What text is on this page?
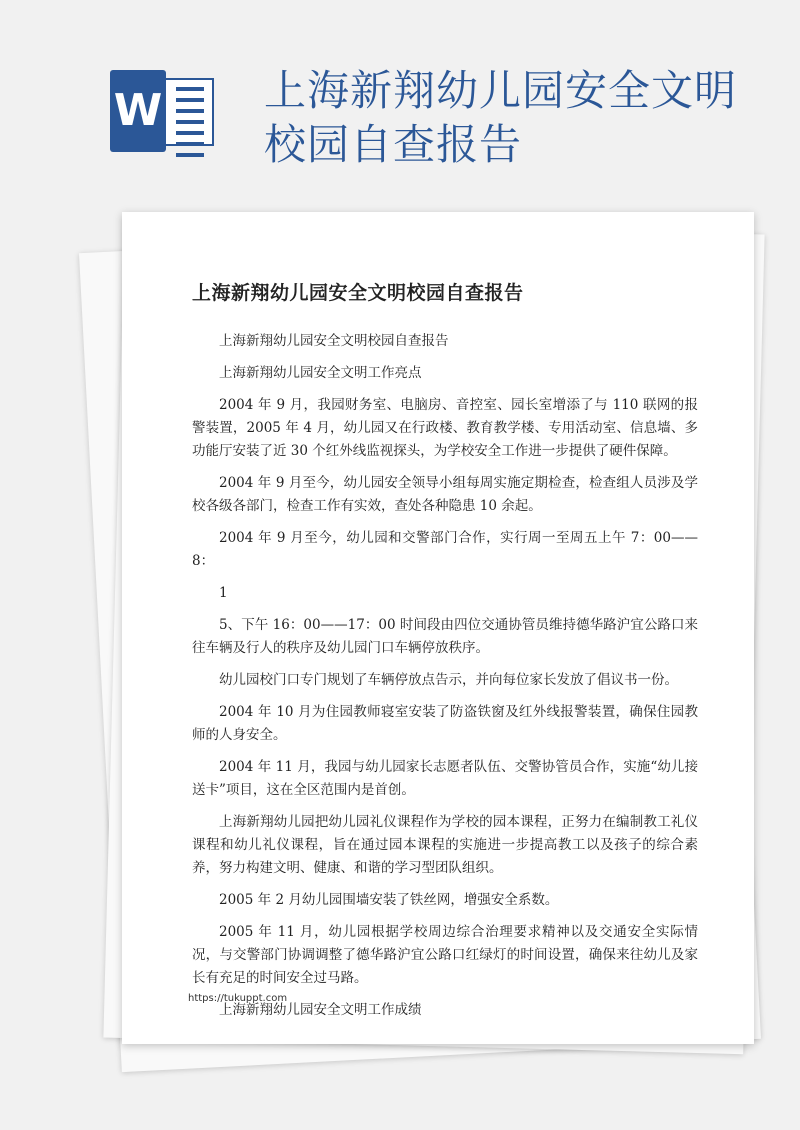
W 上海新翔幼儿园安全文明校园自查报告
上海新翔幼儿园安全文明校园自查报告

上海新翔幼儿园安全文明校园自查报告

上海新翔幼儿园安全文明工作亮点

2004 年 9 月，我园财务室、电脑房、音控室、园长室增添了与 110 联网的报警装置，2005 年 4 月，幼儿园又在行政楼、教育教学楼、专用活动室、信息墙、多功能厅安装了近 30 个红外线监视探头，为学校安全工作进一步提供了硬件保障。

2004 年 9 月至今，幼儿园安全领导小组每周实施定期检查，检查组人员涉及学校各级各部门，检查工作有实效，查处各种隐患 10 余起。

2004 年 9 月至今，幼儿园和交警部门合作，实行周一至周五上午 7：00——8：

1

5、下午 16：00——17：00 时间段由四位交通协管员维持德华路沪宜公路口来往车辆及行人的秩序及幼儿园门口车辆停放秩序。

幼儿园校门口专门规划了车辆停放点告示，并向每位家长发放了倡议书一份。

2004 年 10 月为住园教师寝室安装了防盗铁窗及红外线报警装置，确保住园教师的人身安全。

2004 年 11 月，我园与幼儿园家长志愿者队伍、交警协管员合作，实施“幼儿接送卡”项目，这在全区范围内是首创。

上海新翔幼儿园把幼儿园礼仪课程作为学校的园本课程，正努力在编制教工礼仪课程和幼儿礼仪课程，旨在通过园本课程的实施进一步提高教工以及孩子的综合素养，努力构建文明、健康、和谐的学习型团队组织。

2005 年 2 月幼儿园围墙安装了铁丝网，增强安全系数。

2005 年 11 月，幼儿园根据学校周边综合治理要求精神以及交通安全实际情况，与交警部门协调调整了德华路沪宜公路口红绿灯的时间设置，确保来往幼儿及家长有充足的时间安全过马路。

上海新翔幼儿园安全文明工作成绩

https://tukuppt.com
